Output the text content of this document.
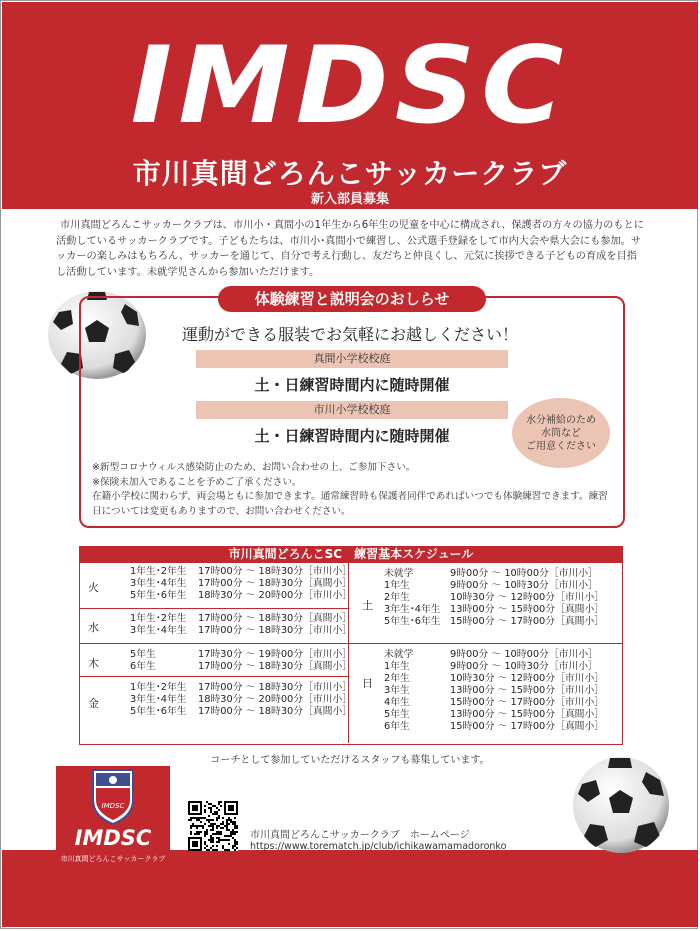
IMDSC
市川真間どろんこサッカークラブ
新入部員募集
市川真間どろんこサッカークラブは、市川小・真間小の1年生から6年生の児童を中心に構成され、保護者の方々の協力のもとに活動しているサッカークラブです。子どもたちは、市川小･真間小で練習し、公式選手登録をして市内大会や県大会にも参加。サッカーの楽しみはもちろん、サッカーを通じて、自分で考え行動し、友だちと仲良くし、元気に挨拶できる子どもの育成を目指し活動しています。未就学児さんから参加いただけます。
体験練習と説明会のおしらせ
運動ができる服装でお気軽にお越しください！
真間小学校校庭
土・日練習時間内に随時開催
市川小学校校庭
土・日練習時間内に随時開催
水分補給のため
水筒など
ご用意ください
※新型コロナウィルス感染防止のため、お問い合わせの上、ご参加下さい。
※保険未加入であることを予めご了承ください。
在籍小学校に関わらず、両会場ともに参加できます。通常練習時も保護者同伴であればいつでも体験練習できます。練習日については変更もありますので、お問い合わせください。
市川真間どろんこSC　練習基本スケジュール
火
1年生･2年生 17時00分 ～ 18時30分［市川小］
3年生･4年生 17時00分 ～ 18時30分［真間小］
5年生･6年生 18時30分 ～ 20時00分［市川小］
水
1年生･2年生 17時00分 ～ 18時30分［真間小］
3年生･4年生 17時00分 ～ 18時30分［市川小］
木
5年生	17時30分 ～ 19時00分［市川小］
6年生	17時00分 ～ 18時30分［真間小］
金
1年生･2年生 17時00分 ～ 18時30分［市川小］
3年生･4年生 18時30分 ～ 20時00分［市川小］
5年生･6年生 17時00分 ～ 18時30分［真間小］
土
未就学	9時00分 ～ 10時00分［市川小］
1年生	9時00分 ～ 10時30分［市川小］
2年生	10時30分 ～ 12時00分［市川小］
3年生･4年生 13時00分 ～ 15時00分［真間小］
5年生･6年生 15時00分 ～ 17時00分［真間小］
日
未就学	9時00分 ～ 10時00分［市川小］
1年生	9時00分 ～ 10時30分［市川小］
2年生	10時30分 ～ 12時00分［市川小］
3年生	13時00分 ～ 15時00分［市川小］
4年生	15時00分 ～ 17時00分［市川小］
5年生	13時00分 ～ 15時00分［真間小］
6年生	15時00分 ～ 17時00分［真間小］
コーチとして参加していただけるスタッフも募集しています。
IMDSC
IMDSC
市川真間どろんこサッカークラブ
市川真間どろんこサッカークラブ　ホームページ
https://www.torematch.jp/club/ichikawamamadoronko
